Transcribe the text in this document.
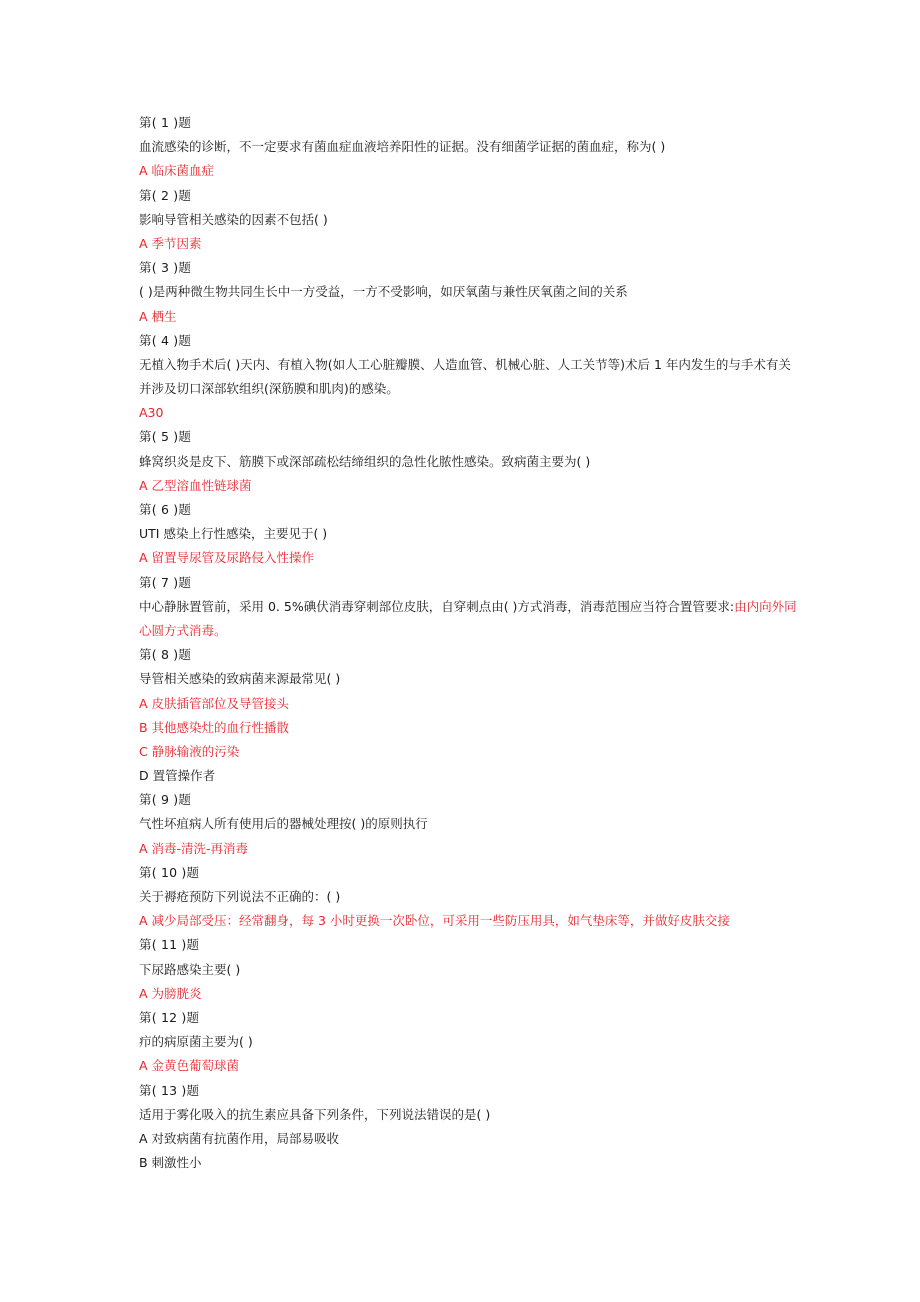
第( 1 )题
血流感染的诊断，不一定要求有菌血症血液培养阳性的证据。没有细菌学证据的菌血症，称为( )
A 临床菌血症
第( 2 )题
影响导管相关感染的因素不包括( )
A 季节因素
第( 3 )题
( )是两种微生物共同生长中一方受益，一方不受影响，如厌氧菌与兼性厌氧菌之间的关系
A 栖生
第( 4 )题
无植入物手术后( )天内、有植入物(如人工心脏瓣膜、人造血管、机械心脏、人工关节等)术后 1 年内发生的与手术有关
并涉及切口深部软组织(深筋膜和肌肉)的感染。
A30
第( 5 )题
蜂窝织炎是皮下、筋膜下或深部疏松结缔组织的急性化脓性感染。致病菌主要为( )
A 乙型溶血性链球菌
第( 6 )题
UTI 感染上行性感染，主要见于( )
A 留置导尿管及尿路侵入性操作
第( 7 )题
中心静脉置管前，采用 0. 5%碘伏消毒穿刺部位皮肤，自穿刺点由( )方式消毒，消毒范围应当符合置管要求:由内向外同
心圆方式消毒。
第( 8 )题
导管相关感染的致病菌来源最常见( )
A 皮肤插管部位及导管接头
B 其他感染灶的血行性播散
C 静脉输液的污染
D 置管操作者
第( 9 )题
气性坏疽病人所有使用后的器械处理按( )的原则执行
A 消毒-清洗-再消毒
第( 10 )题
关于褥疮预防下列说法不正确的：( )
A 减少局部受压：经常翻身，每 3 小时更换一次卧位，可采用一些防压用具，如气垫床等，并做好皮肤交接
第( 11 )题
下尿路感染主要( )
A 为膀胱炎
第( 12 )题
疖的病原菌主要为( )
A 金黄色葡萄球菌
第( 13 )题
适用于雾化吸入的抗生素应具备下列条件，下列说法错误的是( )
A 对致病菌有抗菌作用，局部易吸收
B 刺激性小
